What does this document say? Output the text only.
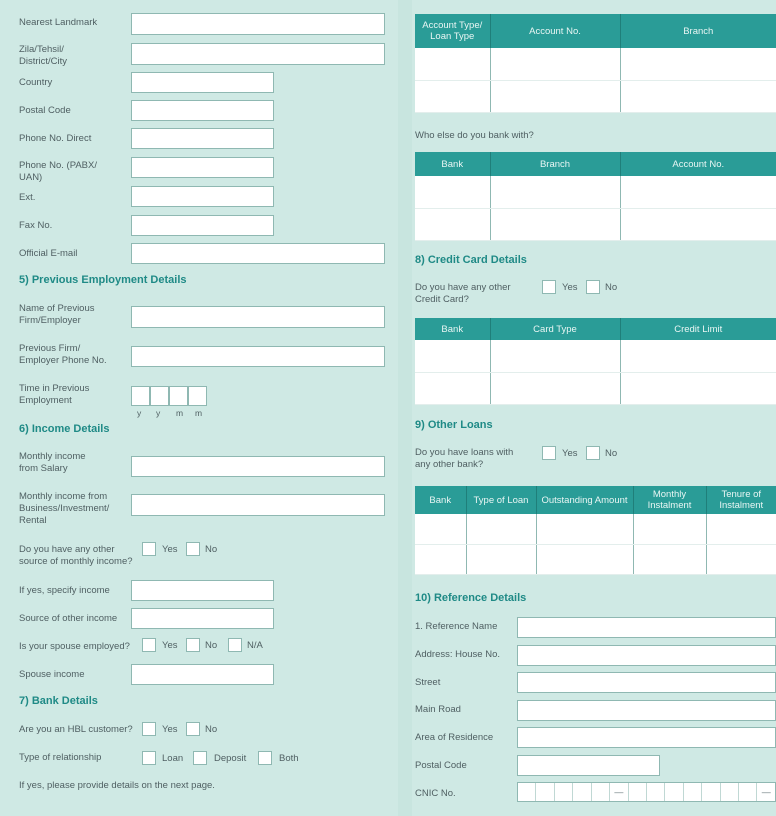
Nearest Landmark
Zila/Tehsil/ District/City
Country
Postal Code
Phone No. Direct
Phone No. (PABX/ UAN)
Ext.
Fax No.
Official E-mail
5) Previous Employment Details
Name of Previous Firm/Employer
Previous Firm/ Employer Phone No.
Time in Previous Employment
y y m m
6) Income Details
Monthly income from Salary
Monthly income from Business/Investment/ Rental
Do you have any other source of monthly income?
Yes	No
If yes, specify income
Source of other income
Is your spouse employed?	Yes	No	N/A
Spouse income
7) Bank Details
Are you an HBL customer?	Yes	No
Type of relationship	Loan	Deposit	Both
If yes, please provide details on the next page.
Account Type/ Loan Type	Account No.	Branch

Who else do you bank with?
Bank	Branch	Account No.

8) Credit Card Details
Do you have any other Credit Card?
Yes	No
Bank	Card Type	Credit Limit

9) Other Loans
Do you have loans with any other bank?
Yes	No
Bank	Type of Loan	Outstanding Amount	Monthly Instalment	Tenure of Instalment

10) Reference Details
1. Reference Name
Address: House No.
Street
Main Road
Area of Residence
Postal Code
CNIC No.	—	—
